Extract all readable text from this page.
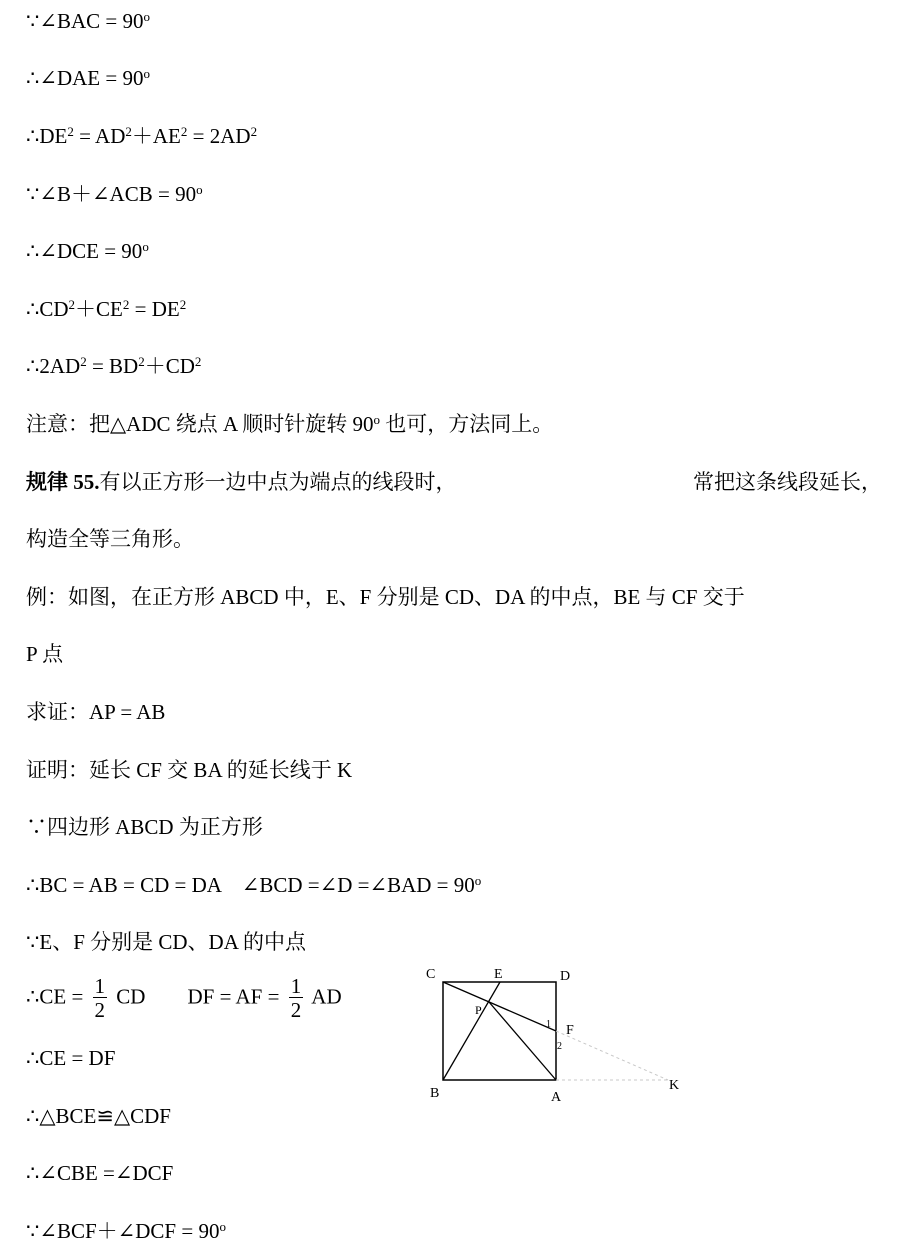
∵∠BAC = $90^o$
∴∠DAE = $90^o$
$\therefore DE^2 = AD^2+AE^2 = 2AD^2$
∵∠B＋∠ACB = $90^o$
∴∠DCE = $90^o$
$\therefore CD^2+CE^2 = DE^2$
$\therefore 2AD^2 = BD^2+CD^2$
注意：把△ADC 绕点 A 顺时针旋转 90$^o$ 也可，方法同上。
规律 55.有以正方形一边中点为端点的线段时，	常把这条线段延长，
构造全等三角形。
例：如图，在正方形 ABCD 中，E、F 分别是 CD、DA 的中点，BE 与 CF 交于
P 点
求证：AP = AB
证明：延长 CF 交 BA 的延长线于 K
∵四边形 ABCD 为正方形
∴BC = AB = CD = DA　∠BCD =∠D =∠BAD = $90^o$
∵E、F 分别是 CD、DA 的中点
∴CE = $\frac{1}{2}$ CD　　DF = AF = $\frac{1}{2}$ AD
∴CE = DF
∴△BCE≌△CDF
∴∠CBE =∠DCF
∵∠BCF＋∠DCF = $90^o$
C	E	D
P
1 F
2
B	A
K
